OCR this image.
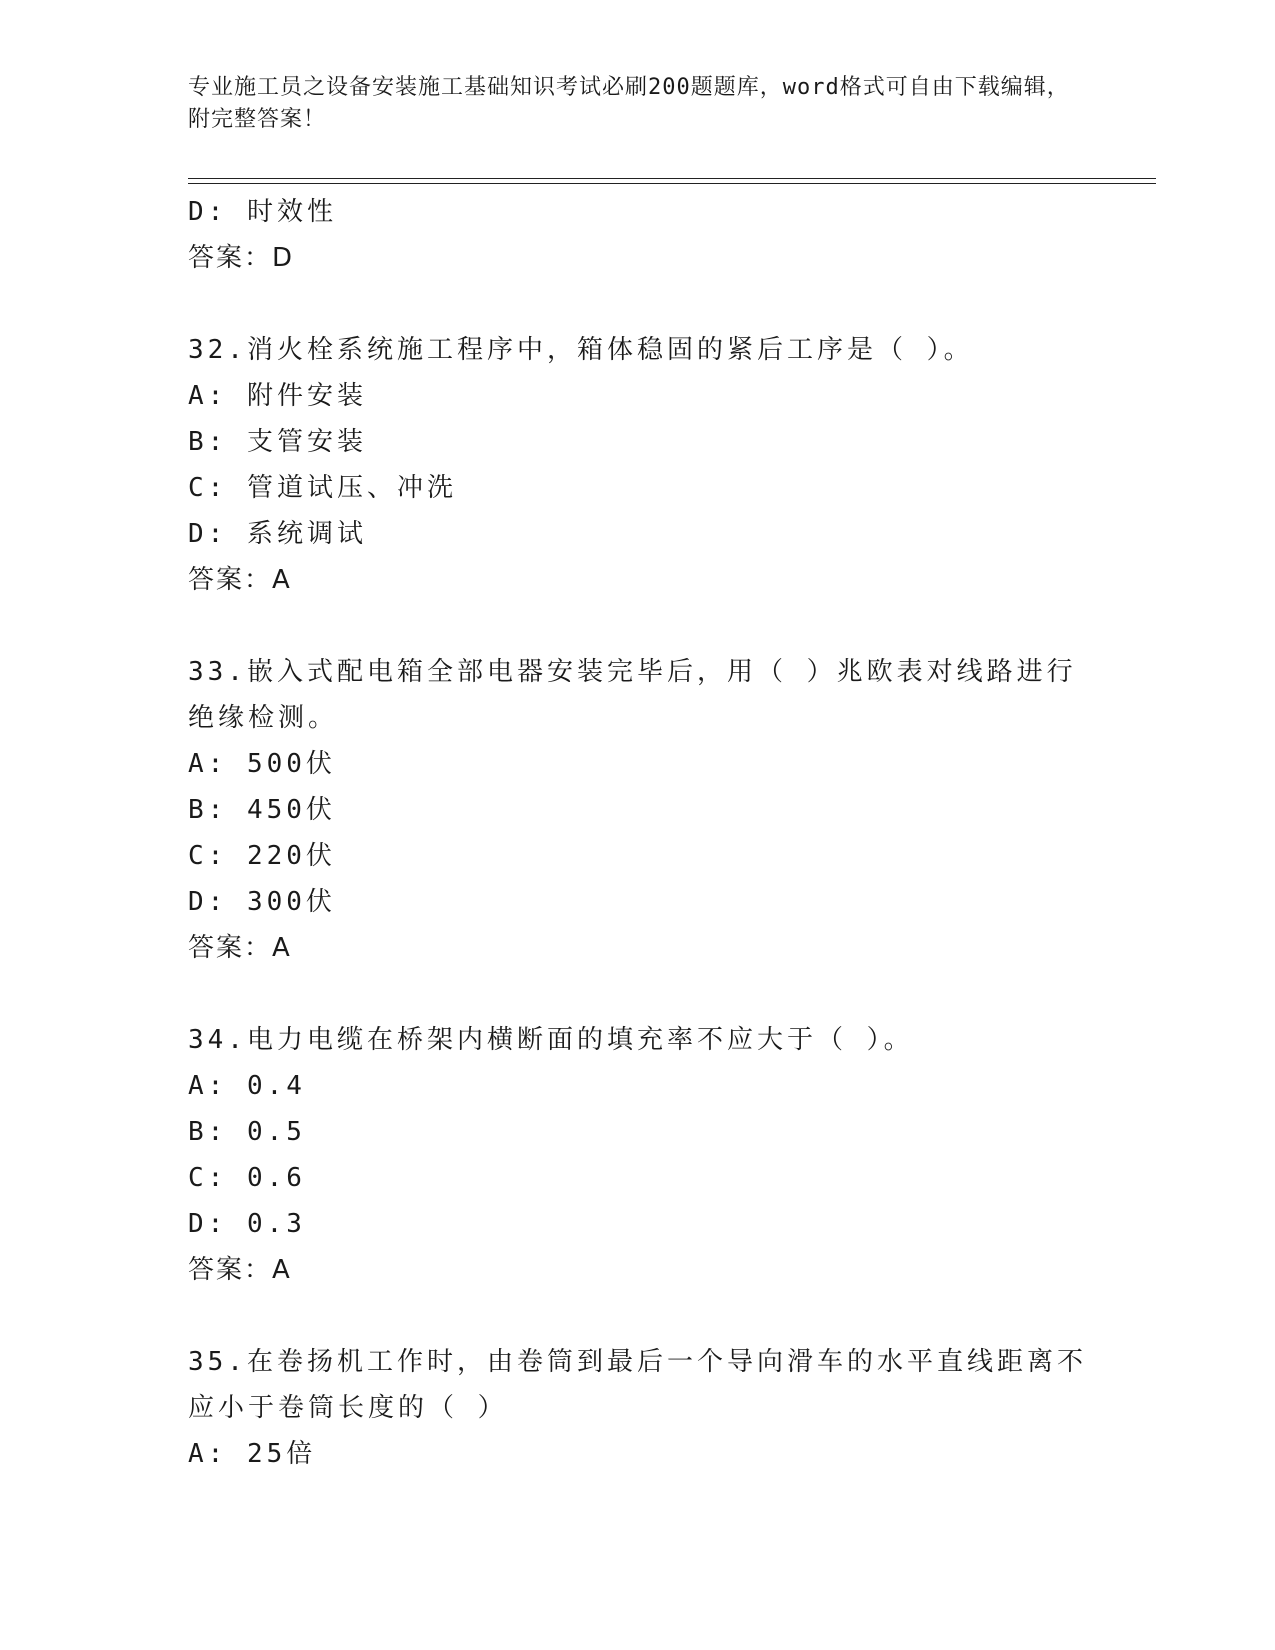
专业施工员之设备安装施工基础知识考试必刷200题题库，word格式可自由下载编辑，附完整答案！
D: 时效性
答案：D
32.消火栓系统施工程序中，箱体稳固的紧后工序是（ ）。
A: 附件安装
B: 支管安装
C: 管道试压、冲洗
D: 系统调试
答案：A
33.嵌入式配电箱全部电器安装完毕后，用（ ）兆欧表对线路进行绝缘检测。
A: 500伏
B: 450伏
C: 220伏
D: 300伏
答案：A
34.电力电缆在桥架内横断面的填充率不应大于（ ）。
A: 0.4
B: 0.5
C: 0.6
D: 0.3
答案：A
35.在卷扬机工作时，由卷筒到最后一个导向滑车的水平直线距离不应小于卷筒长度的（ ）
A: 25倍
